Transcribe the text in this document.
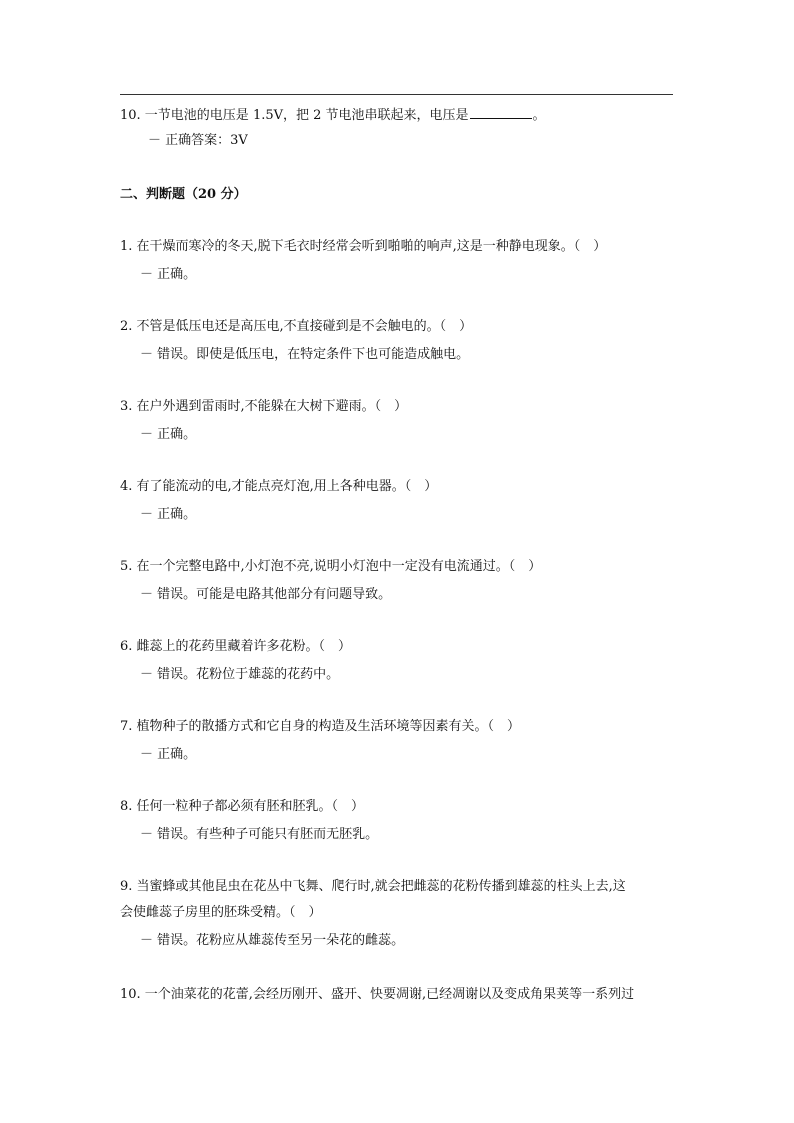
10. 一节电池的电压是 1.5V，把 2 节电池串联起来，电压是	。
－ 正确答案：3V
二、判断题（20 分）
1. 在干燥而寒冷的冬天,脱下毛衣时经常会听到啪啪的响声,这是一种静电现象。（　）
－ 正确。
2. 不管是低压电还是高压电,不直接碰到是不会触电的。（　）
－ 错误。即使是低压电，在特定条件下也可能造成触电。
3. 在户外遇到雷雨时,不能躲在大树下避雨。（　）
－ 正确。
4. 有了能流动的电,才能点亮灯泡,用上各种电器。（　）
－ 正确。
5. 在一个完整电路中,小灯泡不亮,说明小灯泡中一定没有电流通过。（　）
－ 错误。可能是电路其他部分有问题导致。
6. 雌蕊上的花药里藏着许多花粉。（　）
－ 错误。花粉位于雄蕊的花药中。
7. 植物种子的散播方式和它自身的构造及生活环境等因素有关。（　）
－ 正确。
8. 任何一粒种子都必须有胚和胚乳。（　）
－ 错误。有些种子可能只有胚而无胚乳。
9. 当蜜蜂或其他昆虫在花丛中飞舞、爬行时,就会把雌蕊的花粉传播到雄蕊的柱头上去,这
会使雌蕊子房里的胚珠受精。（　）
－ 错误。花粉应从雄蕊传至另一朵花的雌蕊。
10. 一个油菜花的花蕾,会经历刚开、盛开、快要凋谢,已经凋谢以及变成角果荚等一系列过
